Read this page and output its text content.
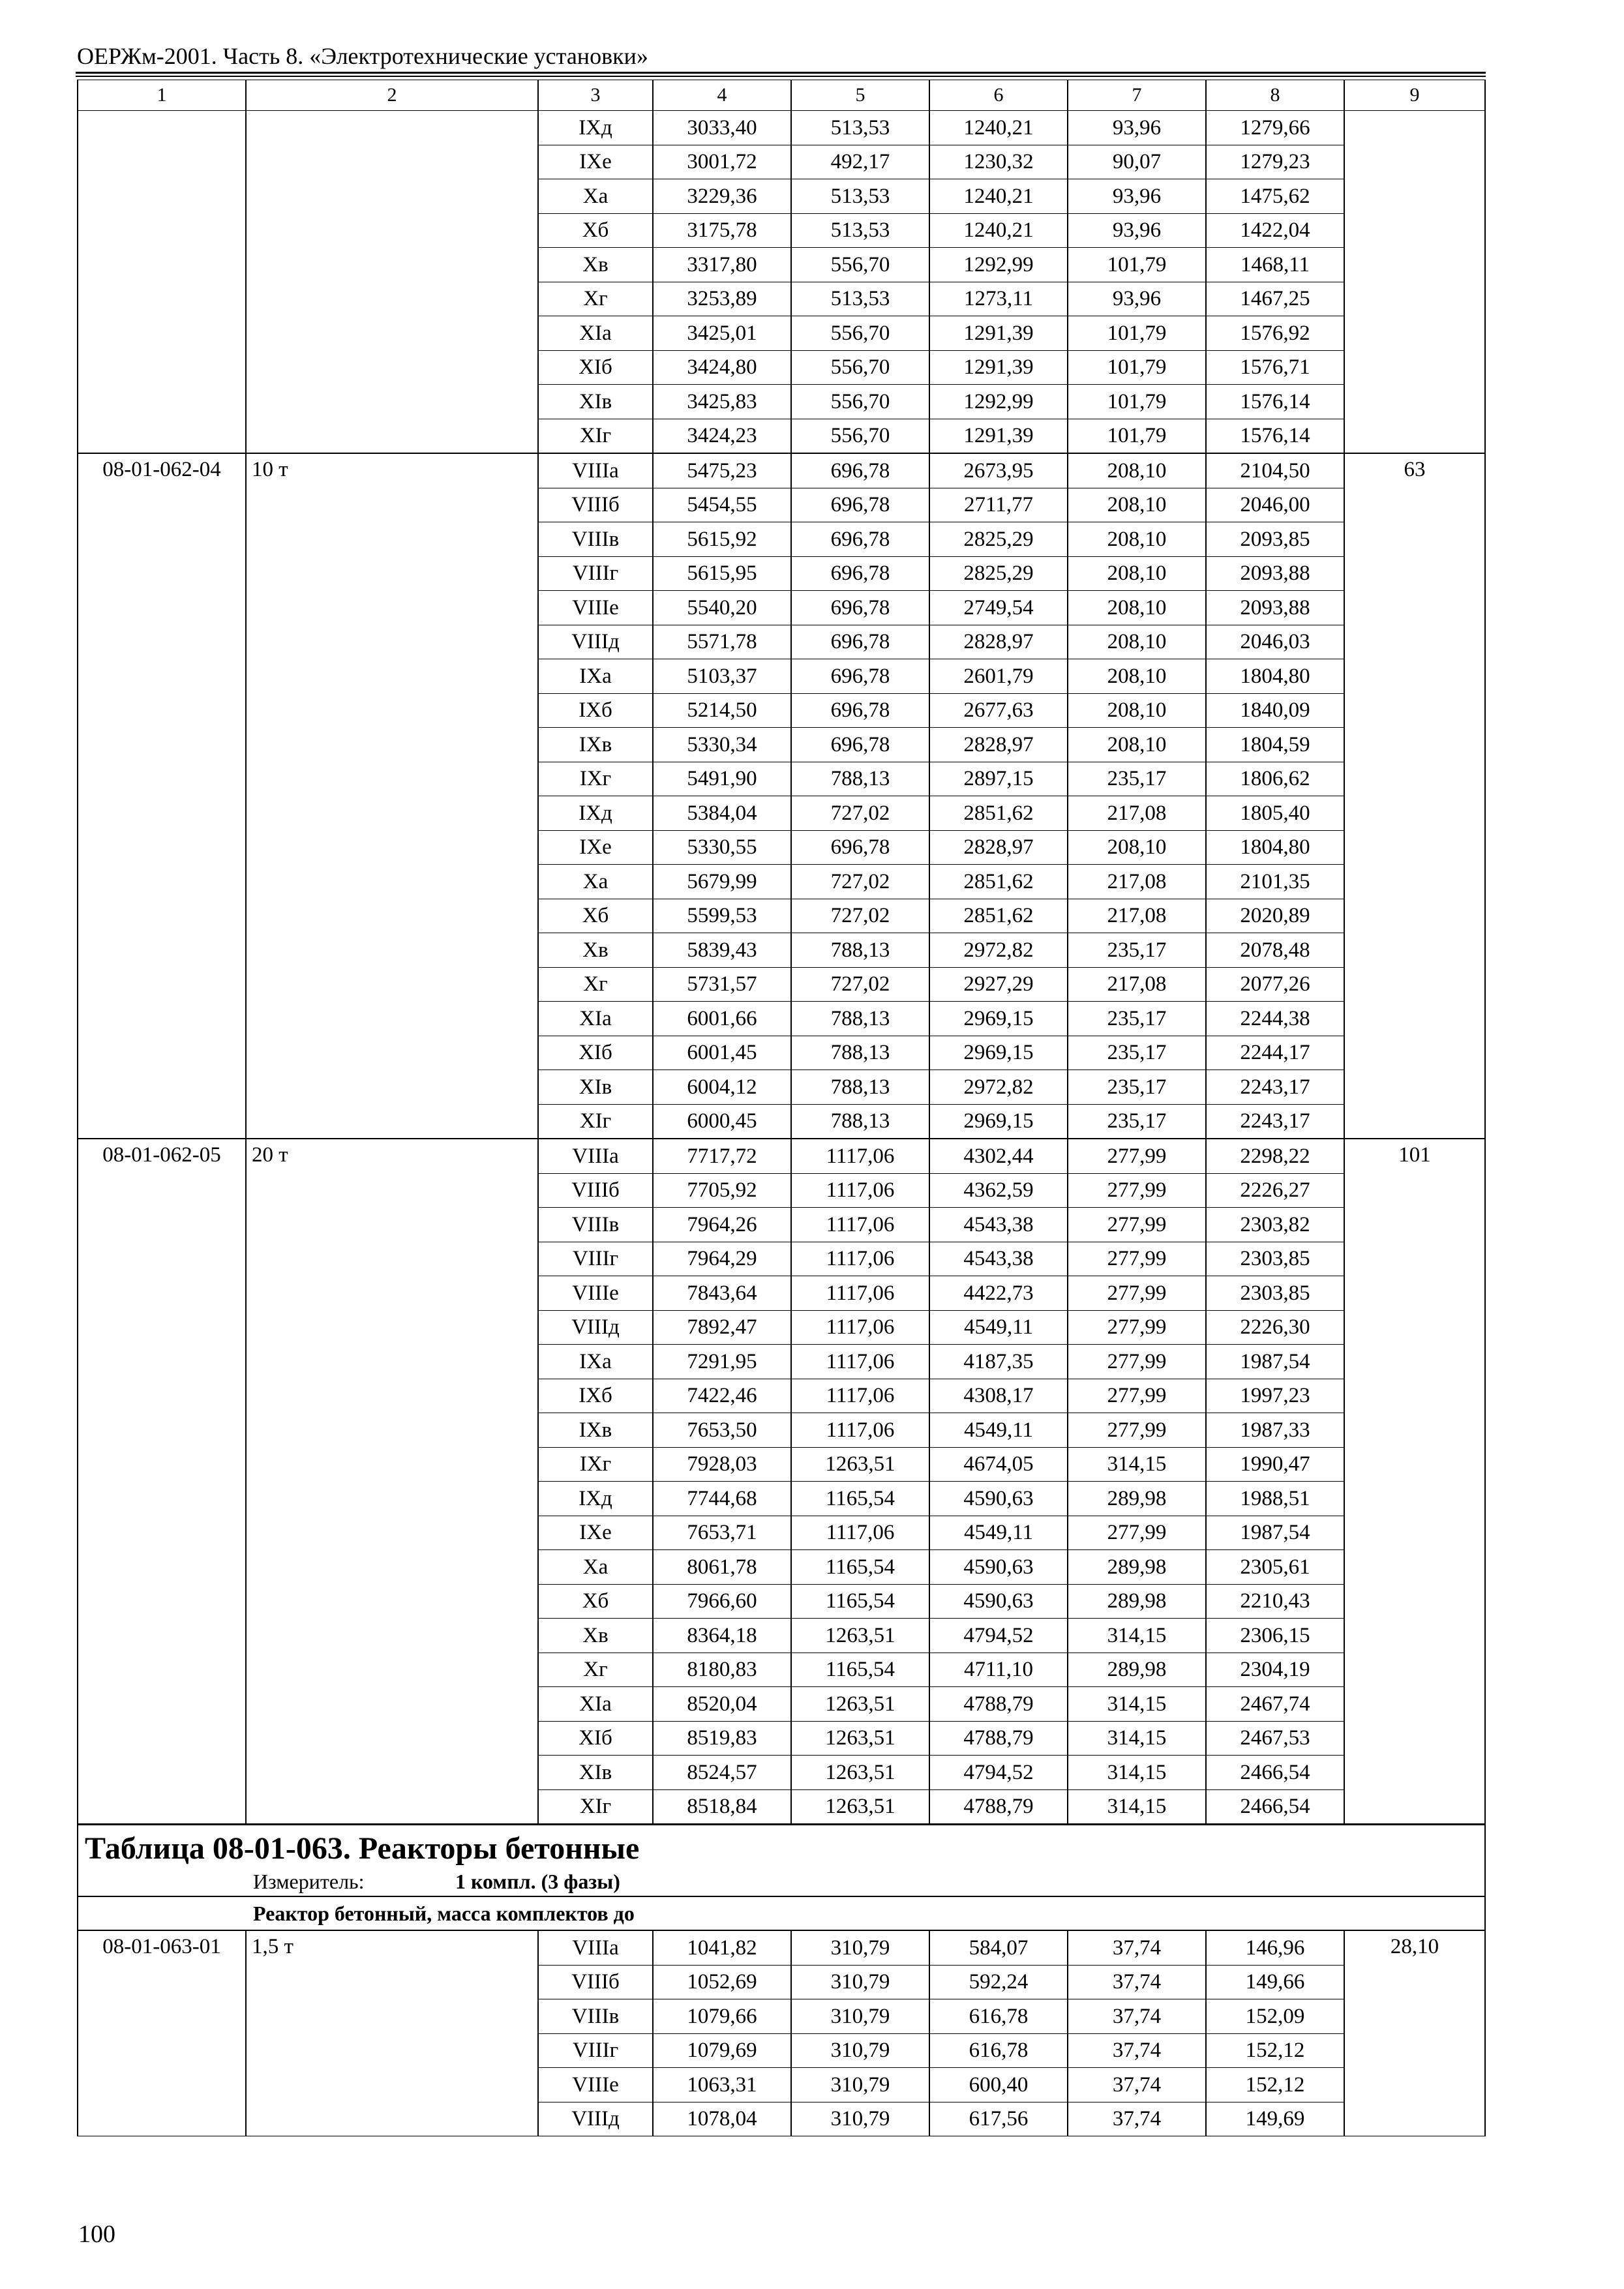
ОЕРЖм-2001. Часть 8. «Электротехнические установки»
1	2	3	4	5	6	7	8	9
		IXд	3033,40	513,53	1240,21	93,96	1279,66	
		IXе	3001,72	492,17	1230,32	90,07	1279,23	
		Xа	3229,36	513,53	1240,21	93,96	1475,62	
		Xб	3175,78	513,53	1240,21	93,96	1422,04	
		Xв	3317,80	556,70	1292,99	101,79	1468,11	
		Xг	3253,89	513,53	1273,11	93,96	1467,25	
		XIа	3425,01	556,70	1291,39	101,79	1576,92	
		XIб	3424,80	556,70	1291,39	101,79	1576,71	
		XIв	3425,83	556,70	1292,99	101,79	1576,14	
		XIг	3424,23	556,70	1291,39	101,79	1576,14	
08-01-062-04	10 т	VIIIа	5475,23	696,78	2673,95	208,10	2104,50	63
		VIIIб	5454,55	696,78	2711,77	208,10	2046,00	
		VIIIв	5615,92	696,78	2825,29	208,10	2093,85	
		VIIIг	5615,95	696,78	2825,29	208,10	2093,88	
		VIIIе	5540,20	696,78	2749,54	208,10	2093,88	
		VIIIд	5571,78	696,78	2828,97	208,10	2046,03	
		IXа	5103,37	696,78	2601,79	208,10	1804,80	
		IXб	5214,50	696,78	2677,63	208,10	1840,09	
		IXв	5330,34	696,78	2828,97	208,10	1804,59	
		IXг	5491,90	788,13	2897,15	235,17	1806,62	
		IXд	5384,04	727,02	2851,62	217,08	1805,40	
		IXе	5330,55	696,78	2828,97	208,10	1804,80	
		Xа	5679,99	727,02	2851,62	217,08	2101,35	
		Xб	5599,53	727,02	2851,62	217,08	2020,89	
		Xв	5839,43	788,13	2972,82	235,17	2078,48	
		Xг	5731,57	727,02	2927,29	217,08	2077,26	
		XIа	6001,66	788,13	2969,15	235,17	2244,38	
		XIб	6001,45	788,13	2969,15	235,17	2244,17	
		XIв	6004,12	788,13	2972,82	235,17	2243,17	
		XIг	6000,45	788,13	2969,15	235,17	2243,17	
08-01-062-05	20 т	VIIIа	7717,72	1117,06	4302,44	277,99	2298,22	101
		VIIIб	7705,92	1117,06	4362,59	277,99	2226,27	
		VIIIв	7964,26	1117,06	4543,38	277,99	2303,82	
		VIIIг	7964,29	1117,06	4543,38	277,99	2303,85	
		VIIIе	7843,64	1117,06	4422,73	277,99	2303,85	
		VIIIд	7892,47	1117,06	4549,11	277,99	2226,30	
		IXа	7291,95	1117,06	4187,35	277,99	1987,54	
		IXб	7422,46	1117,06	4308,17	277,99	1997,23	
		IXв	7653,50	1117,06	4549,11	277,99	1987,33	
		IXг	7928,03	1263,51	4674,05	314,15	1990,47	
		IXд	7744,68	1165,54	4590,63	289,98	1988,51	
		IXе	7653,71	1117,06	4549,11	277,99	1987,54	
		Xа	8061,78	1165,54	4590,63	289,98	2305,61	
		Xб	7966,60	1165,54	4590,63	289,98	2210,43	
		Xв	8364,18	1263,51	4794,52	314,15	2306,15	
		Xг	8180,83	1165,54	4711,10	289,98	2304,19	
		XIа	8520,04	1263,51	4788,79	314,15	2467,74	
		XIб	8519,83	1263,51	4788,79	314,15	2467,53	
		XIв	8524,57	1263,51	4794,52	314,15	2466,54	
		XIг	8518,84	1263,51	4788,79	314,15	2466,54	
Таблица 08-01-063. Реакторы бетонные								
Измеритель: 1 компл. (3 фазы)								
Реактор бетонный, масса комплектов до								
08-01-063-01	1,5 т	VIIIа	1041,82	310,79	584,07	37,74	146,96	28,10
		VIIIб	1052,69	310,79	592,24	37,74	149,66	
		VIIIв	1079,66	310,79	616,78	37,74	152,09	
		VIIIг	1079,69	310,79	616,78	37,74	152,12	
		VIIIе	1063,31	310,79	600,40	37,74	152,12	
		VIIIд	1078,04	310,79	617,56	37,74	149,69	
100
